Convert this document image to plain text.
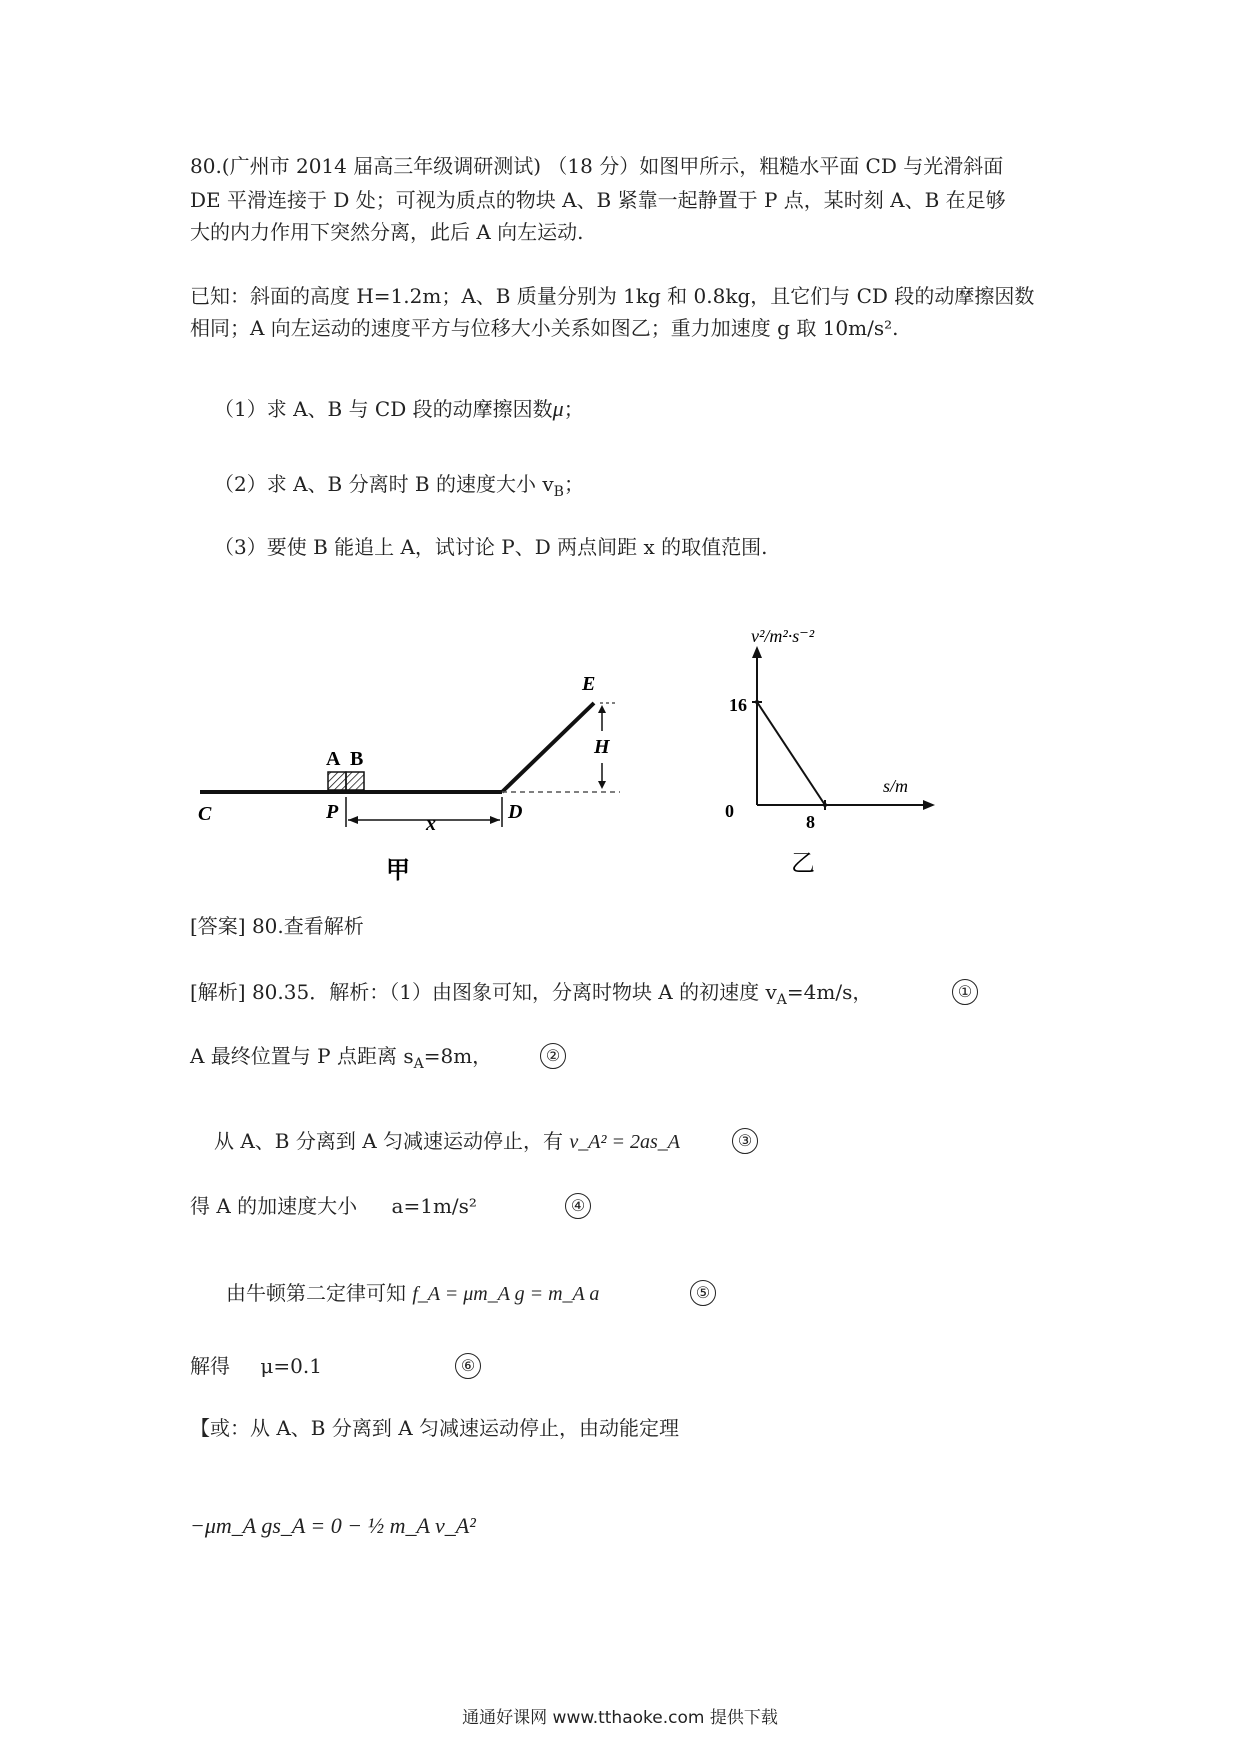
80.(广州市 2014 届高三年级调研测试) （18 分）如图甲所示，粗糙水平面 CD 与光滑斜面
DE 平滑连接于 D 处；可视为质点的物块 A、B 紧靠一起静置于 P 点，某时刻 A、B 在足够
大的内力作用下突然分离，此后 A 向左运动.
已知：斜面的高度 H=1.2m；A、B 质量分别为 1kg 和 0.8kg，且它们与 CD 段的动摩擦因数
相同；A 向左运动的速度平方与位移大小关系如图乙；重力加速度 g 取 10m/s².
（1）求 A、B 与 CD 段的动摩擦因数μ；
（2）求 A、B 分离时 B 的速度大小 $v_B$；
（3）要使 B 能追上 A，试讨论 P、D 两点间距 x 的取值范围.
C	P	D
E
H
x
A B
甲
v²/m²·s⁻²
s/m
16
8
0
乙
[答案] 80.查看解析
[解析] 80.35．解析：（1）由图象可知，分离时物块 A 的初速度 $v_A=4m/s$，	①
A 最终位置与 P 点距离 $s_A=8m$，	②
从 A、B 分离到 A 匀减速运动停止，有 v_A² = 2as_A	③
得 A 的加速度大小 a=1m/s²	④
由牛顿第二定律可知 f_A = μm_A g = m_A a	⑤
解得 μ=0.1	⑥
【或：从 A、B 分离到 A 匀减速运动停止，由动能定理
−μm_A gs_A = 0 − ½ m_A v_A²
通通好课网 www.tthaoke.com 提供下载
